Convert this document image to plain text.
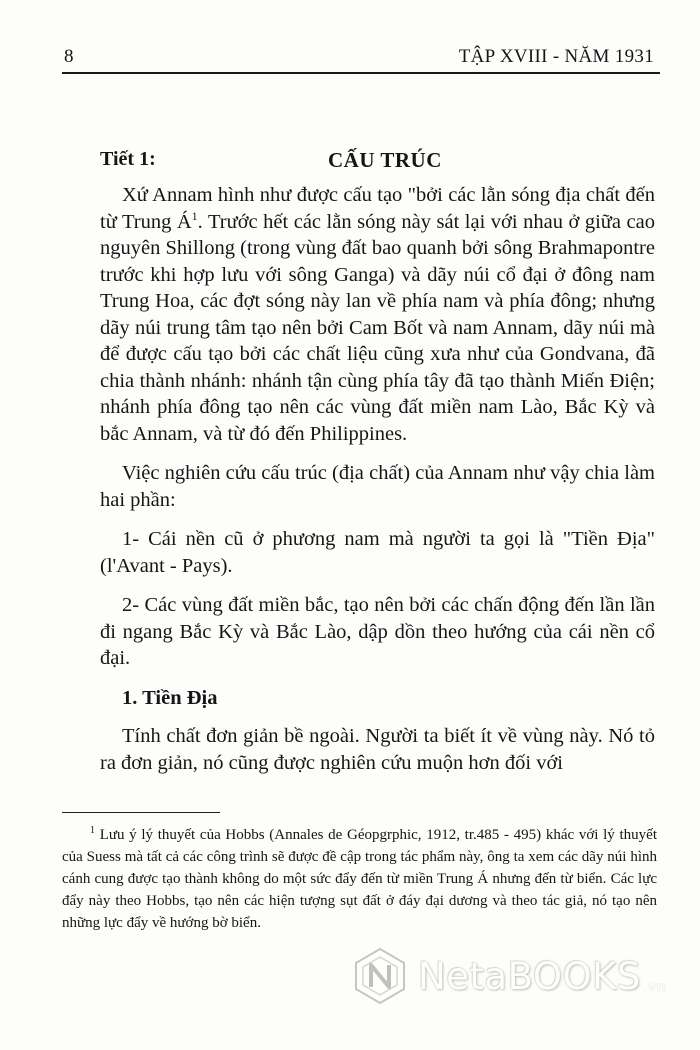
8	TẬP XVIII - NĂM 1931
Tiết 1:	CẤU TRÚC

Xứ Annam hình như được cấu tạo "bởi các lằn sóng địa chất đến từ Trung $Á^1$. Trước hết các lằn sóng này sát lại với nhau ở giữa cao nguyên Shillong (trong vùng đất bao quanh bởi sông Brahmapontre trước khi hợp lưu với sông Ganga) và dãy núi cổ đại ở đông nam Trung Hoa, các đợt sóng này lan về phía nam và phía đông; nhưng dãy núi trung tâm tạo nên bởi Cam Bốt và nam Annam, dãy núi mà để được cấu tạo bởi các chất liệu cũng xưa như của Gondvana, đã chia thành nhánh: nhánh tận cùng phía tây đã tạo thành Miến Điện; nhánh phía đông tạo nên các vùng đất miền nam Lào, Bắc Kỳ và bắc Annam, và từ đó đến Philippines.

Việc nghiên cứu cấu trúc (địa chất) của Annam như vậy chia làm hai phần:

1- Cái nền cũ ở phương nam mà người ta gọi là "Tiền Địa" (l'Avant - Pays).

2- Các vùng đất miền bắc, tạo nên bởi các chấn động đến lần lần đi ngang Bắc Kỳ và Bắc Lào, dập dồn theo hướng của cái nền cổ đại.

1. Tiền Địa

Tính chất đơn giản bề ngoài. Người ta biết ít về vùng này. Nó tỏ ra đơn giản, nó cũng được nghiên cứu muộn hơn đối với

$^1$ Lưu ý lý thuyết của Hobbs (Annales de Géopgrphic, 1912, tr.485 - 495) khác với lý thuyết của Suess mà tất cả các công trình sẽ được đề cập trong tác phẩm này, ông ta xem các dãy núi hình cánh cung được tạo thành không do một sức đẩy đến từ miền Trung Á nhưng đến từ biển. Các lực đẩy này theo Hobbs, tạo nên các hiện tượng sụt đất ở đáy đại dương và theo tác giả, nó tạo nên những lực đẩy về hướng bờ biển.
NetaBOOKS .vn
